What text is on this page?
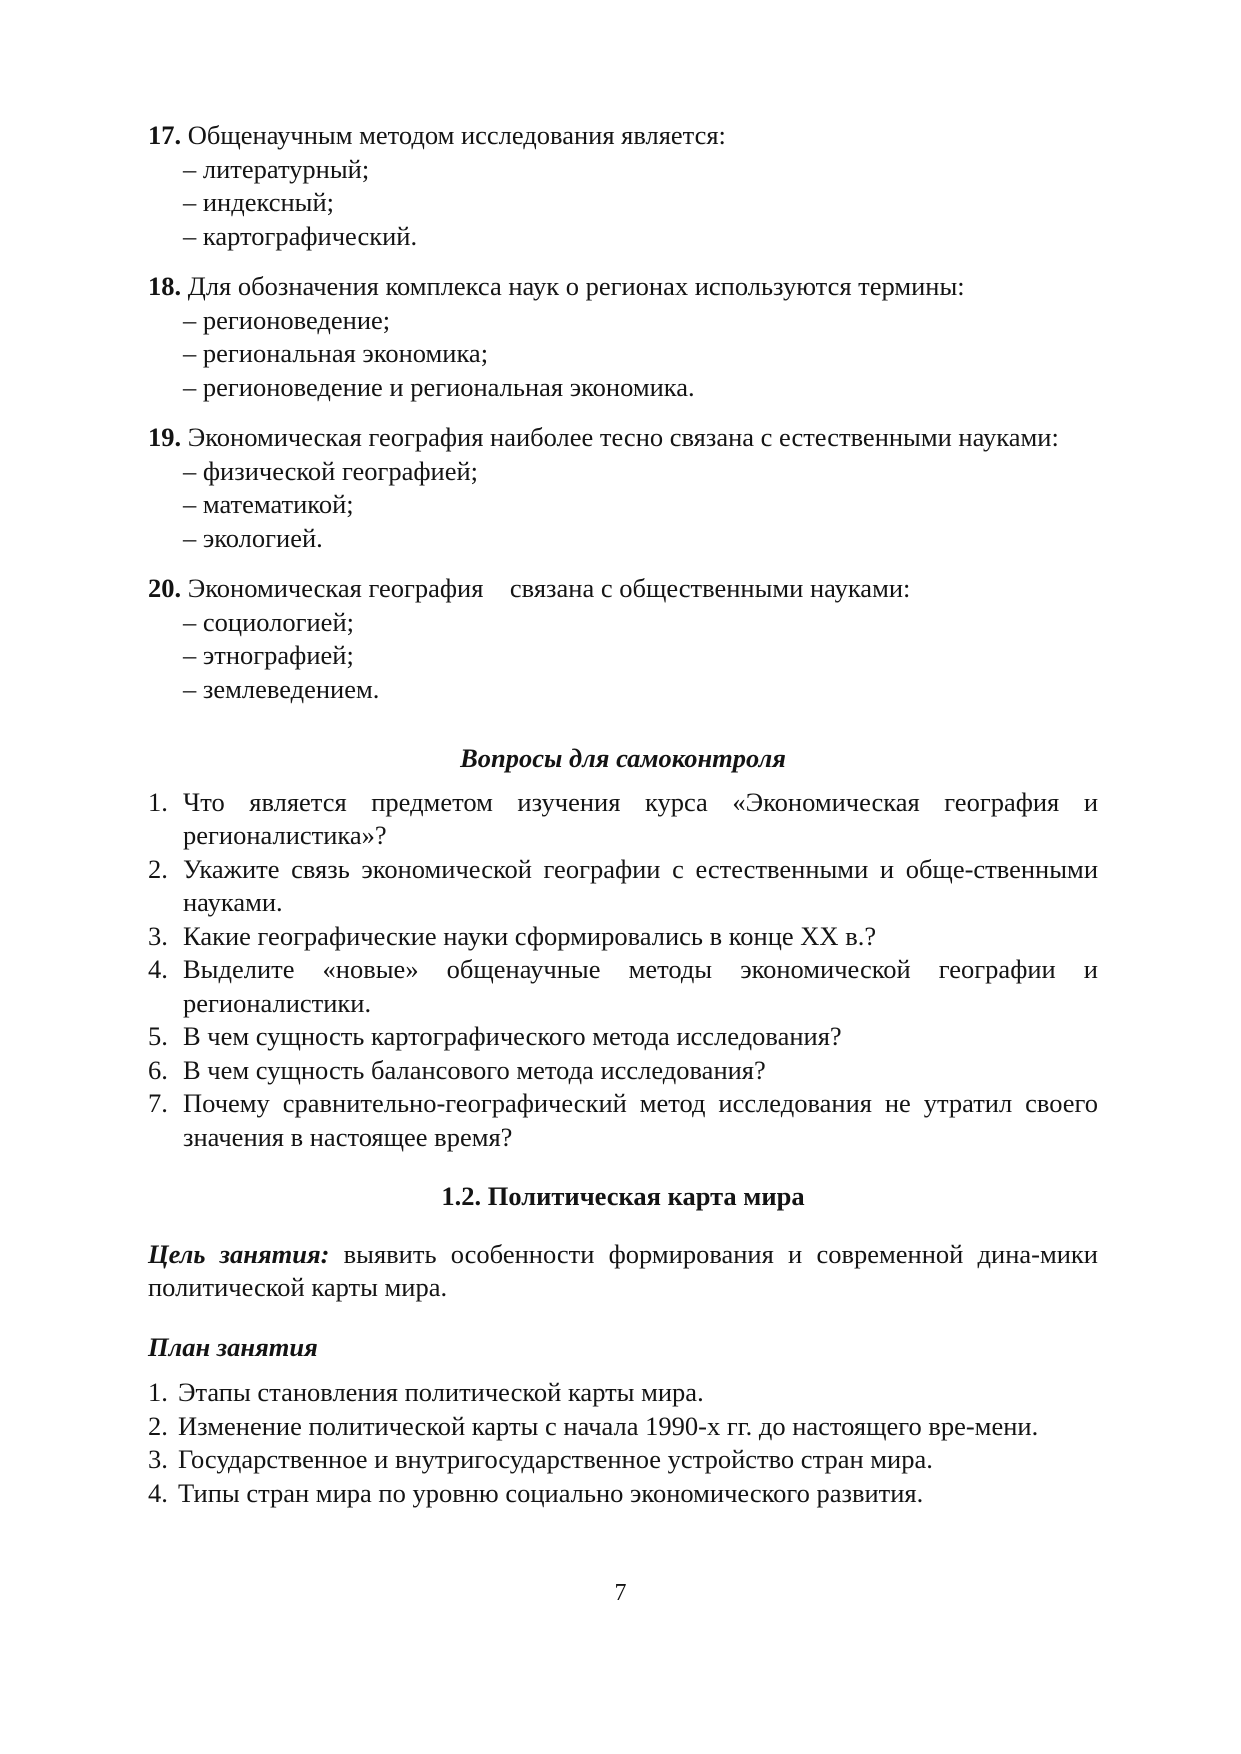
17. Общенаучным методом исследования является:
– литературный;
– индексный;
– картографический.
18. Для обозначения комплекса наук о регионах используются термины:
– регионоведение;
– региональная экономика;
– регионоведение и региональная экономика.
19. Экономическая география наиболее тесно связана с естественными науками:
– физической географией;
– математикой;
– экологией.
20. Экономическая география    связана с общественными науками:
– социологией;
– этнографией;
– землеведением.
Вопросы для самоконтроля
1. Что является предметом изучения курса «Экономическая география и регионалистика»?
2. Укажите связь экономической географии с естественными и обще-ственными науками.
3. Какие географические науки сформировались в конце XX в.?
4. Выделите «новые» общенаучные методы экономической географии и регионалистики.
5. В чем сущность картографического метода исследования?
6. В чем сущность балансового метода исследования?
7. Почему сравнительно-географический метод исследования не утратил своего значения в настоящее время?
1.2. Политическая карта мира
Цель занятия: выявить особенности формирования и современной дина-мики политической карты мира.
План занятия
1. Этапы становления политической карты мира.
2. Изменение политической карты с начала 1990-х гг. до настоящего вре-мени.
3. Государственное и внутригосударственное устройство стран мира.
4. Типы стран мира по уровню социально экономического развития.
7
